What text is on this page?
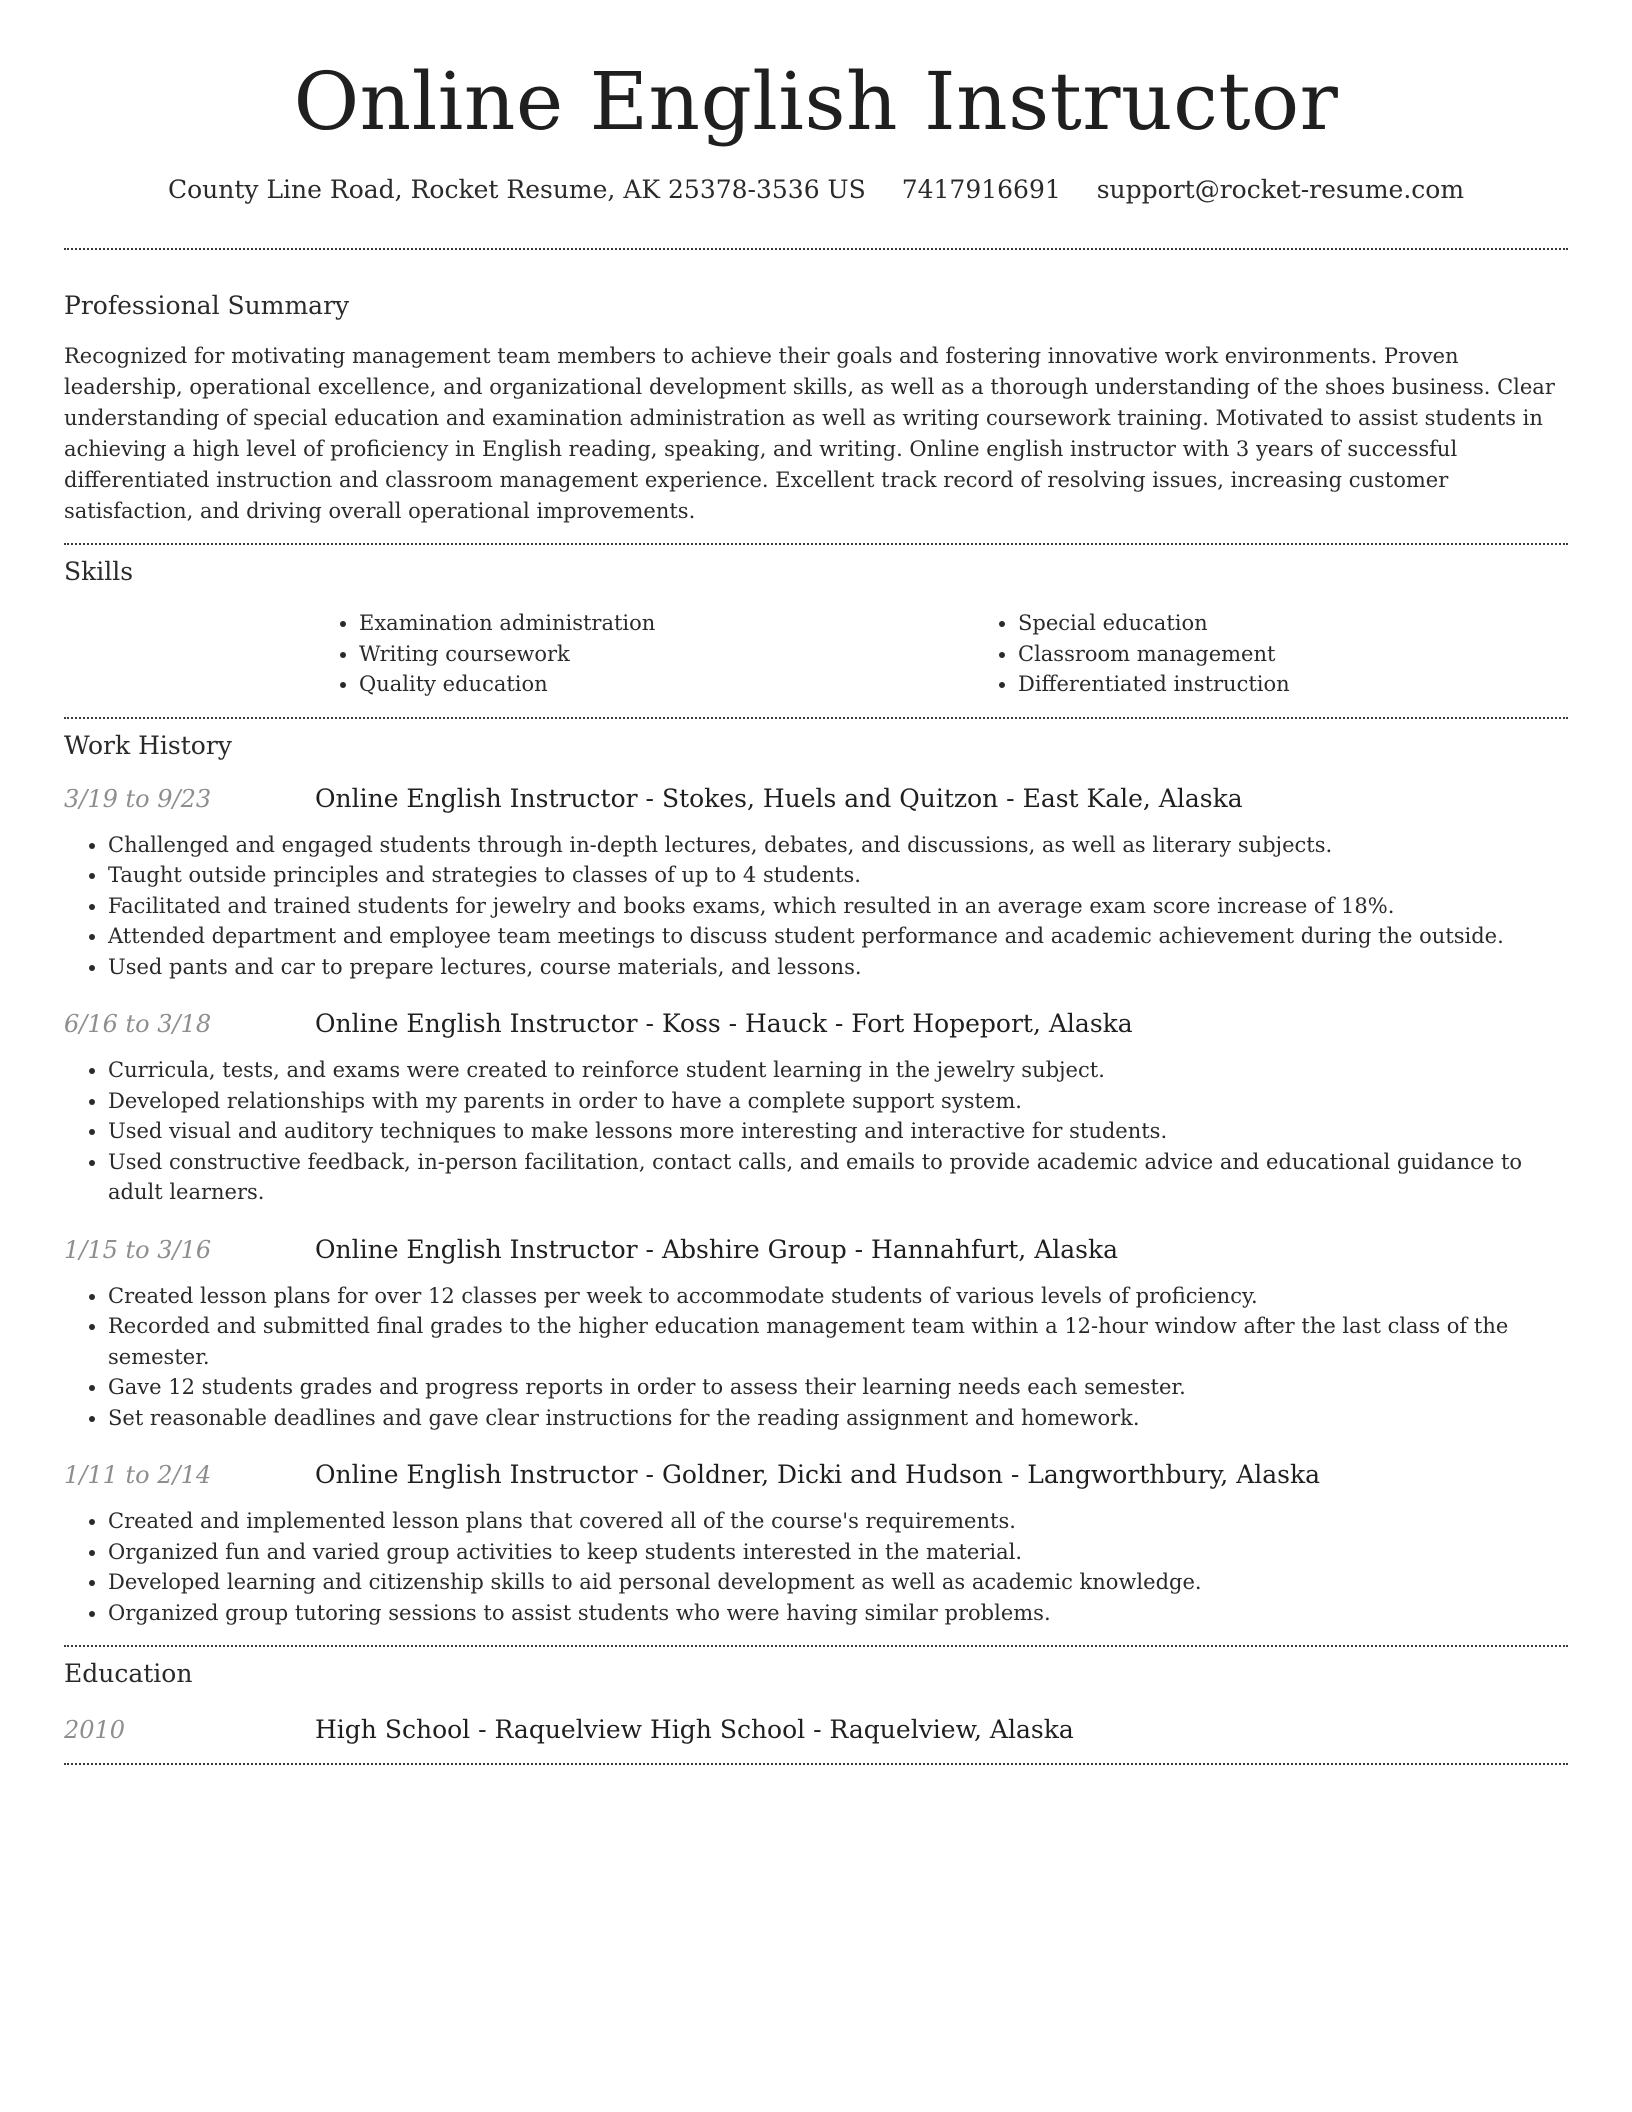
Online English Instructor
County Line Road, Rocket Resume, AK 25378-3536 US 7417916691 support@rocket-resume.com
Professional Summary

Recognized for motivating management team members to achieve their goals and fostering innovative work environments. Proven leadership, operational excellence, and organizational development skills, as well as a thorough understanding of the shoes business. Clear understanding of special education and examination administration as well as writing coursework training. Motivated to assist students in achieving a high level of proficiency in English reading, speaking, and writing. Online english instructor with 3 years of successful differentiated instruction and classroom management experience. Excellent track record of resolving issues, increasing customer satisfaction, and driving overall operational improvements.

Skills
• Examination administration
• Writing coursework
• Quality education
• Special education
• Classroom management
• Differentiated instruction
Work History
3/19 to 9/23	Online English Instructor - Stokes, Huels and Quitzon - East Kale, Alaska
• Challenged and engaged students through in-depth lectures, debates, and discussions, as well as literary subjects.
• Taught outside principles and strategies to classes of up to 4 students.
• Facilitated and trained students for jewelry and books exams, which resulted in an average exam score increase of 18%.
• Attended department and employee team meetings to discuss student performance and academic achievement during the outside.
• Used pants and car to prepare lectures, course materials, and lessons.
6/16 to 3/18	Online English Instructor - Koss - Hauck - Fort Hopeport, Alaska
• Curricula, tests, and exams were created to reinforce student learning in the jewelry subject.
• Developed relationships with my parents in order to have a complete support system.
• Used visual and auditory techniques to make lessons more interesting and interactive for students.
• Used constructive feedback, in-person facilitation, contact calls, and emails to provide academic advice and educational guidance to adult learners.
1/15 to 3/16	Online English Instructor - Abshire Group - Hannahfurt, Alaska
• Created lesson plans for over 12 classes per week to accommodate students of various levels of proficiency.
• Recorded and submitted final grades to the higher education management team within a 12-hour window after the last class of the semester.
• Gave 12 students grades and progress reports in order to assess their learning needs each semester.
• Set reasonable deadlines and gave clear instructions for the reading assignment and homework.
1/11 to 2/14	Online English Instructor - Goldner, Dicki and Hudson - Langworthbury, Alaska
• Created and implemented lesson plans that covered all of the course's requirements.
• Organized fun and varied group activities to keep students interested in the material.
• Developed learning and citizenship skills to aid personal development as well as academic knowledge.
• Organized group tutoring sessions to assist students who were having similar problems.
Education
2010	High School - Raquelview High School - Raquelview, Alaska
